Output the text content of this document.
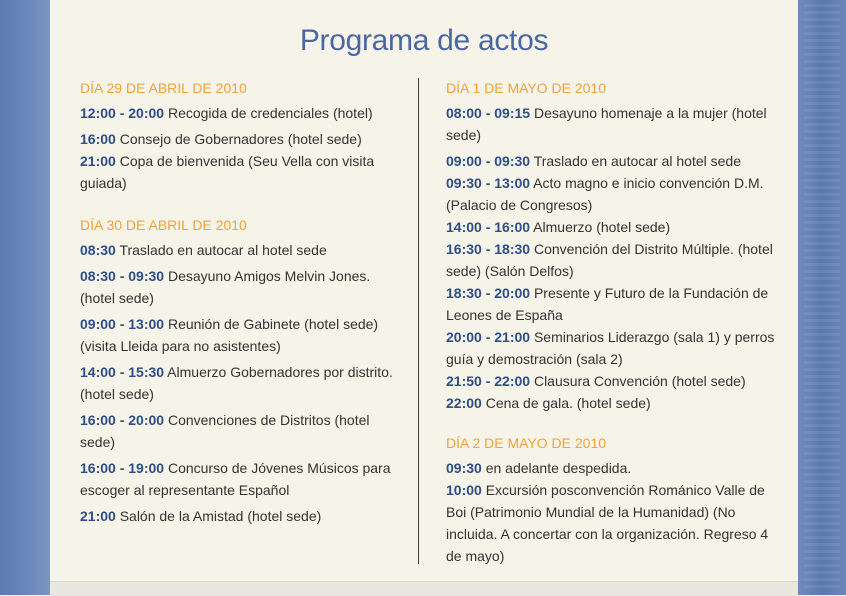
Programa de actos
DÍA 29 DE ABRIL DE 2010
12:00 - 20:00 Recogida de credenciales (hotel)
16:00 Consejo de Gobernadores (hotel sede)
21:00 Copa de bienvenida (Seu Vella con visita guiada)
DÍA 30 DE ABRIL DE 2010
08:30 Traslado en autocar al hotel sede
08:30 - 09:30 Desayuno Amigos Melvin Jones. (hotel sede)
09:00 - 13:00 Reunión de Gabinete (hotel sede) (visita Lleida para no asistentes)
14:00 - 15:30 Almuerzo Gobernadores por distrito. (hotel sede)
16:00 - 20:00 Convenciones de Distritos (hotel sede)
16:00 - 19:00 Concurso de Jóvenes Músicos para escoger al representante Español
21:00 Salón de la Amistad (hotel sede)
DÍA 1 DE MAYO DE 2010
08:00 - 09:15 Desayuno homenaje a la mujer (hotel sede)
09:00 - 09:30 Traslado en autocar al hotel sede
09:30 - 13:00 Acto magno e inicio convención D.M. (Palacio de Congresos)
14:00 - 16:00 Almuerzo (hotel sede)
16:30 - 18:30 Convención del Distrito Múltiple. (hotel sede) (Salón Delfos)
18:30 - 20:00 Presente y Futuro de la Fundación de Leones de España
20:00 - 21:00 Seminarios Liderazgo (sala 1) y perros guía y demostración (sala 2)
21:50 - 22:00 Clausura Convención (hotel sede)
22:00 Cena de gala. (hotel sede)
DÍA 2 DE MAYO DE 2010
09:30 en adelante despedida.
10:00 Excursión posconvención Románico Valle de Boi (Patrimonio Mundial de la Humanidad) (No incluida. A concertar con la organización. Regreso 4 de mayo)
